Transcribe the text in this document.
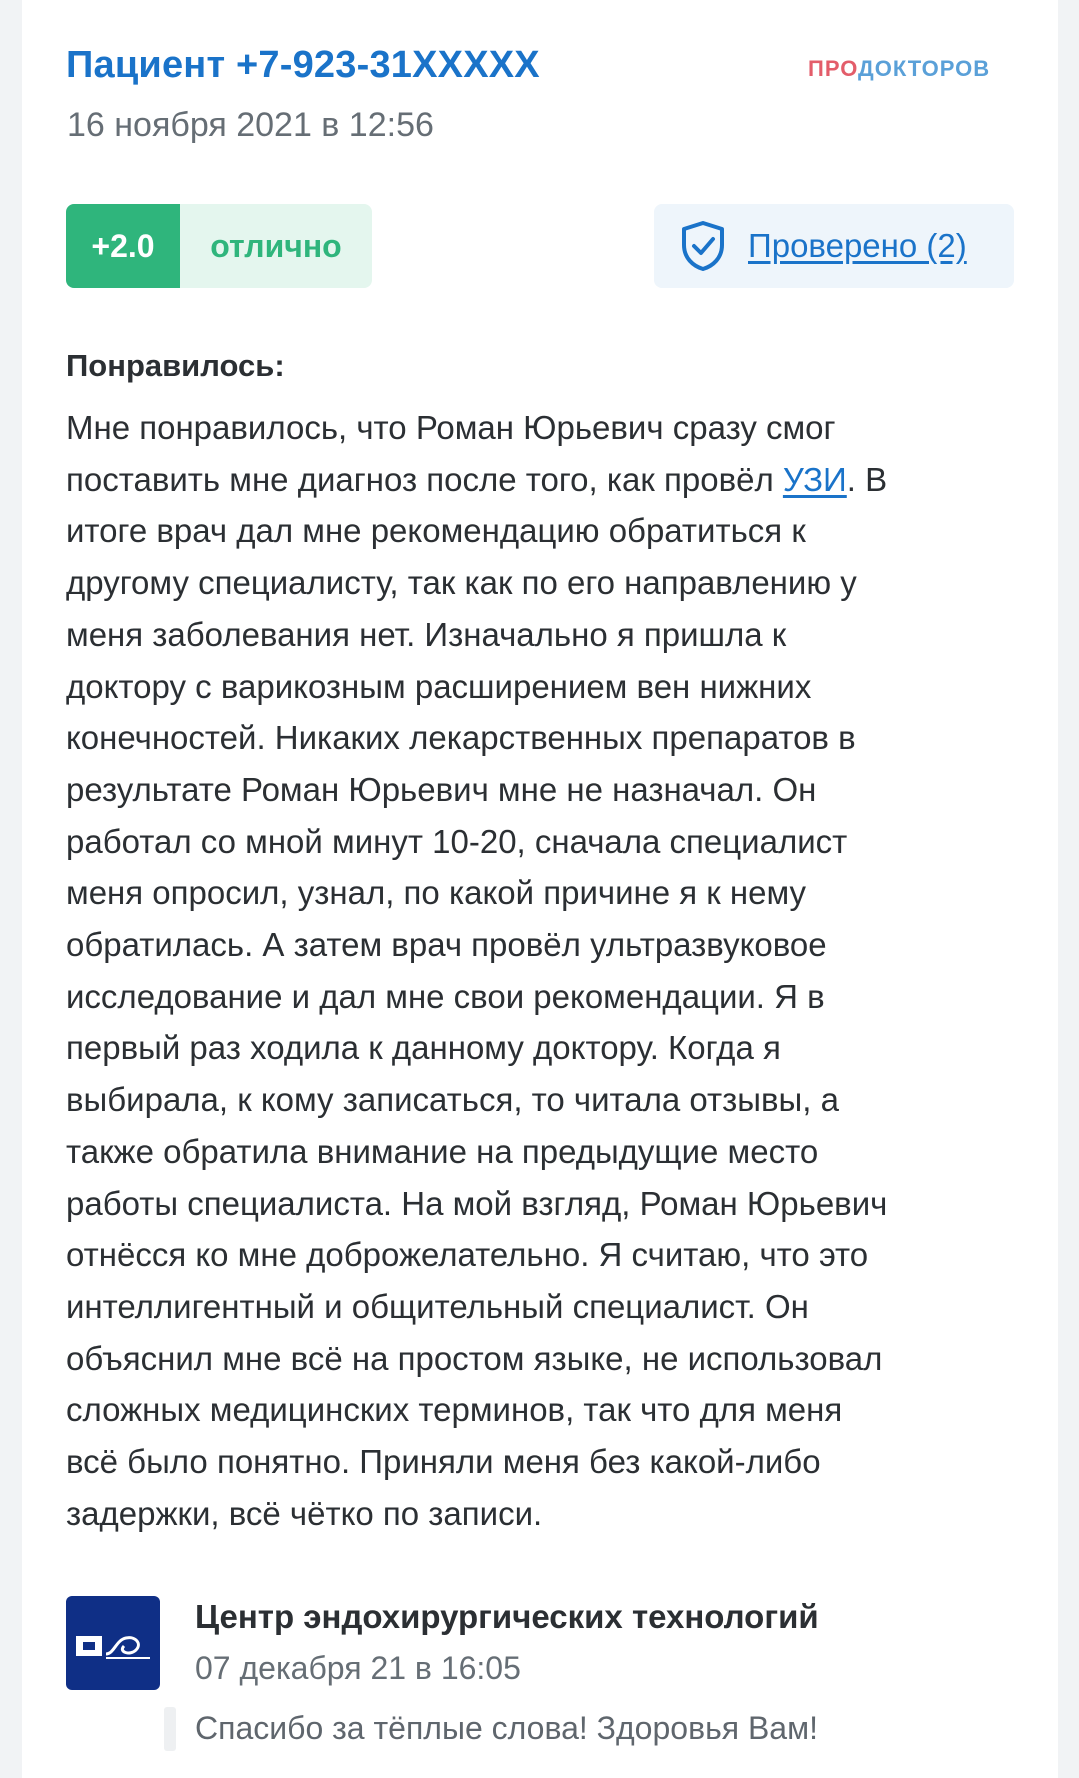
Пациент +7-923-31XXXXX
16 ноября 2021 в 12:56
ПРОДОКТОРОВ
+2.0	отлично	Проверено (2)
Понравилось:
Мне понравилось, что Роман Юрьевич сразу смог
поставить мне диагноз после того, как провёл УЗИ. В
итоге врач дал мне рекомендацию обратиться к
другому специалисту, так как по его направлению у
меня заболевания нет. Изначально я пришла к
доктору с варикозным расширением вен нижних
конечностей. Никаких лекарственных препаратов в
результате Роман Юрьевич мне не назначал. Он
работал со мной минут 10-20, сначала специалист
меня опросил, узнал, по какой причине я к нему
обратилась. А затем врач провёл ультразвуковое
исследование и дал мне свои рекомендации. Я в
первый раз ходила к данному доктору. Когда я
выбирала, к кому записаться, то читала отзывы, а
также обратила внимание на предыдущие место
работы специалиста. На мой взгляд, Роман Юрьевич
отнёсся ко мне доброжелательно. Я считаю, что это
интеллигентный и общительный специалист. Он
объяснил мне всё на простом языке, не использовал
сложных медицинских терминов, так что для меня
всё было понятно. Приняли меня без какой-либо
задержки, всё чётко по записи.
Центр эндохирургических технологий
07 декабря 21 в 16:05
Спасибо за тёплые слова! Здоровья Вам!
